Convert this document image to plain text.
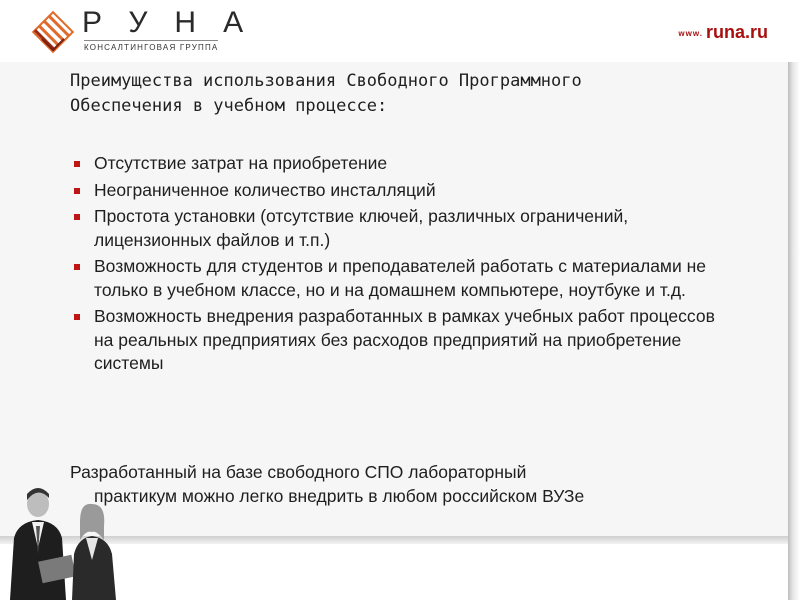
РУНА
КОНСАЛТИНГОВАЯ ГРУППА
www. runa.ru
Преимущества использования Свободного Программного
Обеспечения в учебном процессе:
Отсутствие затрат на приобретение
Неограниченное количество инсталляций
Простота установки (отсутствие ключей, различных ограничений, лицензионных файлов и т.п.)
Возможность для студентов и преподавателей работать с материалами не только в учебном классе, но и на домашнем компьютере, ноутбуке и т.д.
Возможность внедрения разработанных в рамках учебных работ процессов на реальных предприятиях без расходов предприятий на приобретение системы
Разработанный на базе свободного СПО лабораторный
практикум можно легко внедрить в любом российском ВУЗе
